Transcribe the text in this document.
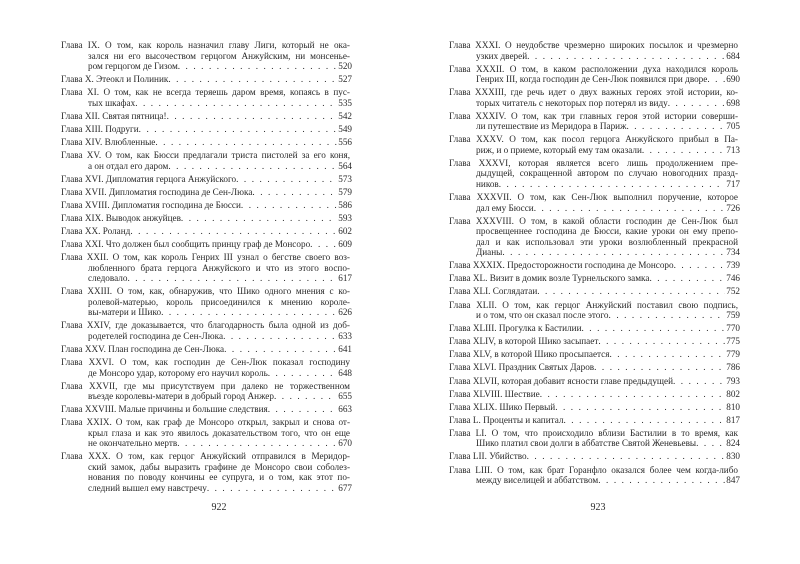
Глава IX. О том, как король назначил главу Лиги, который не ока-
зался ни его высочеством герцогом Анжуйским, ни монсенье-
ром герцогом де Гизом . . .	520
Глава X. Этеокл и Полиник . . .	527
Глава XI. О том, как не всегда теряешь даром время, копаясь в пус-
тых шкафах . . .	535
Глава XII. Святая пятница! . . .	542
Глава XIII. Подруги . . .	549
Глава XIV. Влюбленные . . .	556
Глава XV. О том, как Бюсси предлагали триста пистолей за его коня,
а он отдал его даром . . .	564
Глава XVI. Дипломатия герцога Анжуйского . . .	573
Глава XVII. Дипломатия господина де Сен-Люка . . .	579
Глава XVIII. Дипломатия господина де Бюсси . . .	586
Глава XIX. Выводок анжуйцев . . .	593
Глава XX. Роланд . . .	602
Глава XXI. Что должен был сообщить принцу граф де Монсоро . . .	609
Глава XXII. О том, как король Генрих III узнал о бегстве своего воз-
любленного брата герцога Анжуйского и что из этого воспо-
следовало . . .	617
Глава XXIII. О том, как, обнаружив, что Шико одного мнения с ко-
ролевой-матерью, король присоединился к мнению короле-
вы-матери и Шико . . .	626
Глава XXIV, где доказывается, что благодарность была одной из доб-
родетелей господина де Сен-Люка . . .	633
Глава XXV. План господина де Сен-Люка . . .	641
Глава XXVI. О том, как господин де Сен-Люк показал господину
де Монсоро удар, которому его научил король . . .	648
Глава XXVII, где мы присутствуем при далеко не торжественном
въезде королевы-матери в добрый город Анжер . . .	655
Глава XXVIII. Малые причины и большие следствия . . .	663
Глава XXIX. О том, как граф де Монсоро открыл, закрыл и снова от-
крыл глаза и как это явилось доказательством того, что он еще
не окончательно мертв . . .	670
Глава XXX. О том, как герцог Анжуйский отправился в Меридор-
ский замок, дабы выразить графине де Монсоро свои соболез-
нования по поводу кончины ее супруга, и о том, как этот по-
следний вышел ему навстречу . . .	677
922
Глава XXXI. О неудобстве чрезмерно широких посылок и чрезмерно
узких дверей . . .	684
Глава XXXII. О том, в каком расположении духа находился король
Генрих III, когда господин де Сен-Люк появился при дворе . . .	690
Глава XXXIII, где речь идет о двух важных героях этой истории, ко-
торых читатель с некоторых пор потерял из виду . . .	698
Глава XXXIV. О том, как три главных героя этой истории соверши-
ли путешествие из Меридора в Париж . . .	705
Глава XXXV. О том, как посол герцога Анжуйского прибыл в Па-
риж, и о приеме, который ему там оказали . . .	713
Глава XXXVI, которая является всего лишь продолжением пре-
дыдущей, сокращенной автором по случаю новогодних празд-
ников . . .	717
Глава XXXVII. О том, как Сен-Люк выполнил поручение, которое
дал ему Бюсси . . .	726
Глава XXXVIII. О том, в какой области господин де Сен-Люк был
просвещеннее господина де Бюсси, какие уроки он ему препо-
дал и как использовал эти уроки возлюбленный прекрасной
Дианы . . .	734
Глава XXXIX. Предосторожности господина де Монсоро . . .	739
Глава XL. Визит в домик возле Турнельского замка . . .	746
Глава XLI. Соглядатаи . . .	752
Глава XLII. О том, как герцог Анжуйский поставил свою подпись,
и о том, что он сказал после этого . . .	759
Глава XLIII. Прогулка к Бастилии . . .	770
Глава XLIV, в которой Шико засыпает . . .	775
Глава XLV, в которой Шико просыпается . . .	779
Глава XLVI. Праздник Святых Даров . . .	786
Глава XLVII, которая добавит ясности главе предыдущей . . .	793
Глава XLVIII. Шествие . . .	802
Глава XLIX. Шико Первый . . .	810
Глава L. Проценты и капитал . . .	817
Глава LI. О том, что происходило вблизи Бастилии в то время, как
Шико платил свои долги в аббатстве Святой Женевьевы . . .	824
Глава LII. Убийство . . .	830
Глава LIII. О том, как брат Горанфло оказался более чем когда-либо
между виселицей и аббатством . . .	847
923
